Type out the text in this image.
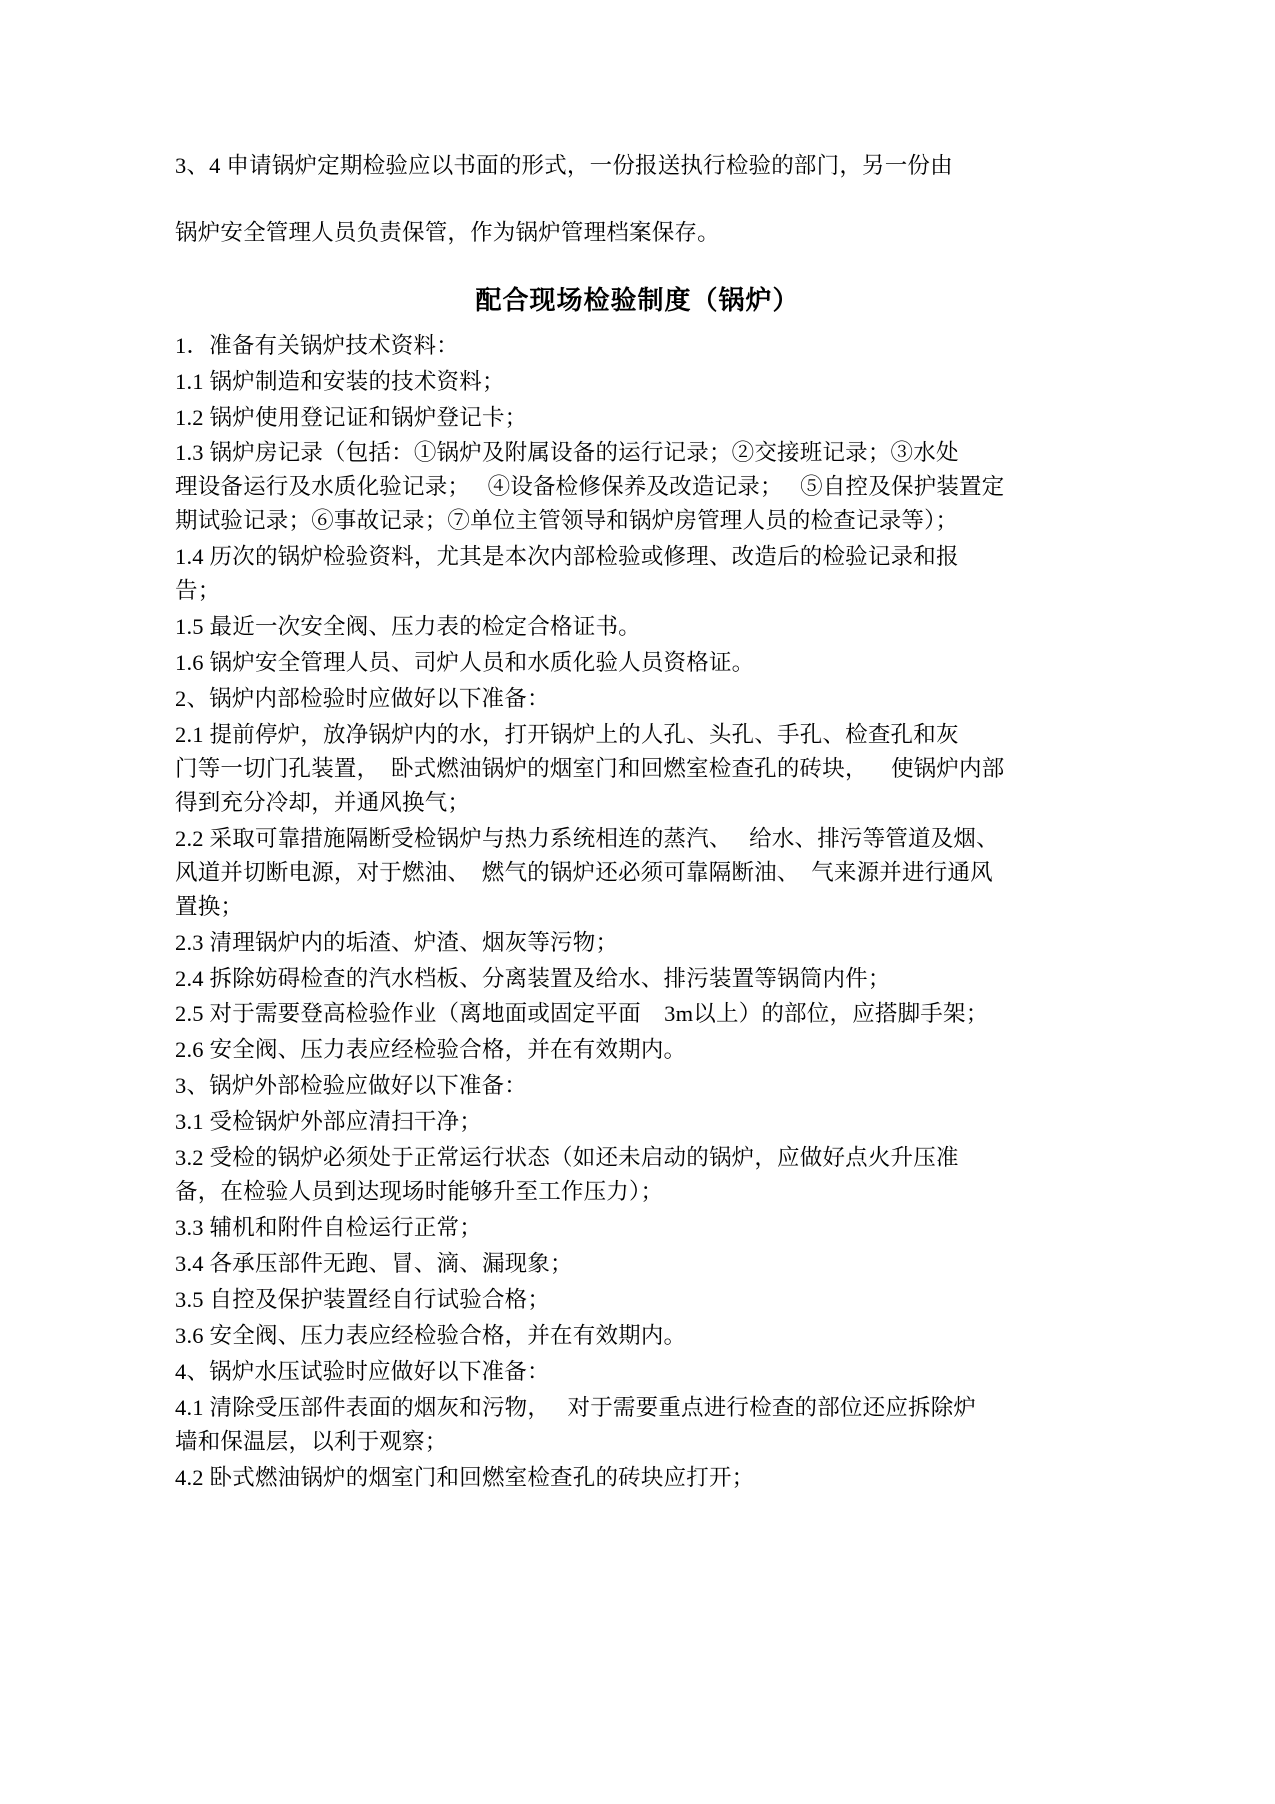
3、4 申请锅炉定期检验应以书面的形式，一份报送执行检验的部门，另一份由
锅炉安全管理人员负责保管，作为锅炉管理档案保存。
配合现场检验制度（锅炉）
1．准备有关锅炉技术资料：
1.1 锅炉制造和安装的技术资料；
1.2 锅炉使用登记证和锅炉登记卡；
1.3 锅炉房记录（包括：①锅炉及附属设备的运行记录；②交接班记录；③水处
理设备运行及水质化验记录；   ④设备检修保养及改造记录；   ⑤自控及保护装置定
期试验记录；⑥事故记录；⑦单位主管领导和锅炉房管理人员的检查记录等）；
1.4 历次的锅炉检验资料，尤其是本次内部检验或修理、改造后的检验记录和报
告；
1.5 最近一次安全阀、压力表的检定合格证书。
1.6 锅炉安全管理人员、司炉人员和水质化验人员资格证。
2、锅炉内部检验时应做好以下准备：
2.1 提前停炉，放净锅炉内的水，打开锅炉上的人孔、头孔、手孔、检查孔和灰
门等一切门孔装置，  卧式燃油锅炉的烟室门和回燃室检查孔的砖块，    使锅炉内部
得到充分冷却，并通风换气；
2.2 采取可靠措施隔断受检锅炉与热力系统相连的蒸汽、   给水、排污等管道及烟、
风道并切断电源，对于燃油、  燃气的锅炉还必须可靠隔断油、  气来源并进行通风
置换；
2.3 清理锅炉内的垢渣、炉渣、烟灰等污物；
2.4 拆除妨碍检查的汽水档板、分离装置及给水、排污装置等锅筒内件；
2.5 对于需要登高检验作业（离地面或固定平面    3m以上）的部位，应搭脚手架；
2.6 安全阀、压力表应经检验合格，并在有效期内。
3、锅炉外部检验应做好以下准备：
3.1 受检锅炉外部应清扫干净；
3.2 受检的锅炉必须处于正常运行状态（如还未启动的锅炉，应做好点火升压准
备，在检验人员到达现场时能够升至工作压力）；
3.3 辅机和附件自检运行正常；
3.4 各承压部件无跑、冒、滴、漏现象；
3.5 自控及保护装置经自行试验合格；
3.6 安全阀、压力表应经检验合格，并在有效期内。
4、锅炉水压试验时应做好以下准备：
4.1 清除受压部件表面的烟灰和污物，   对于需要重点进行检查的部位还应拆除炉
墙和保温层，以利于观察；
4.2 卧式燃油锅炉的烟室门和回燃室检查孔的砖块应打开；
